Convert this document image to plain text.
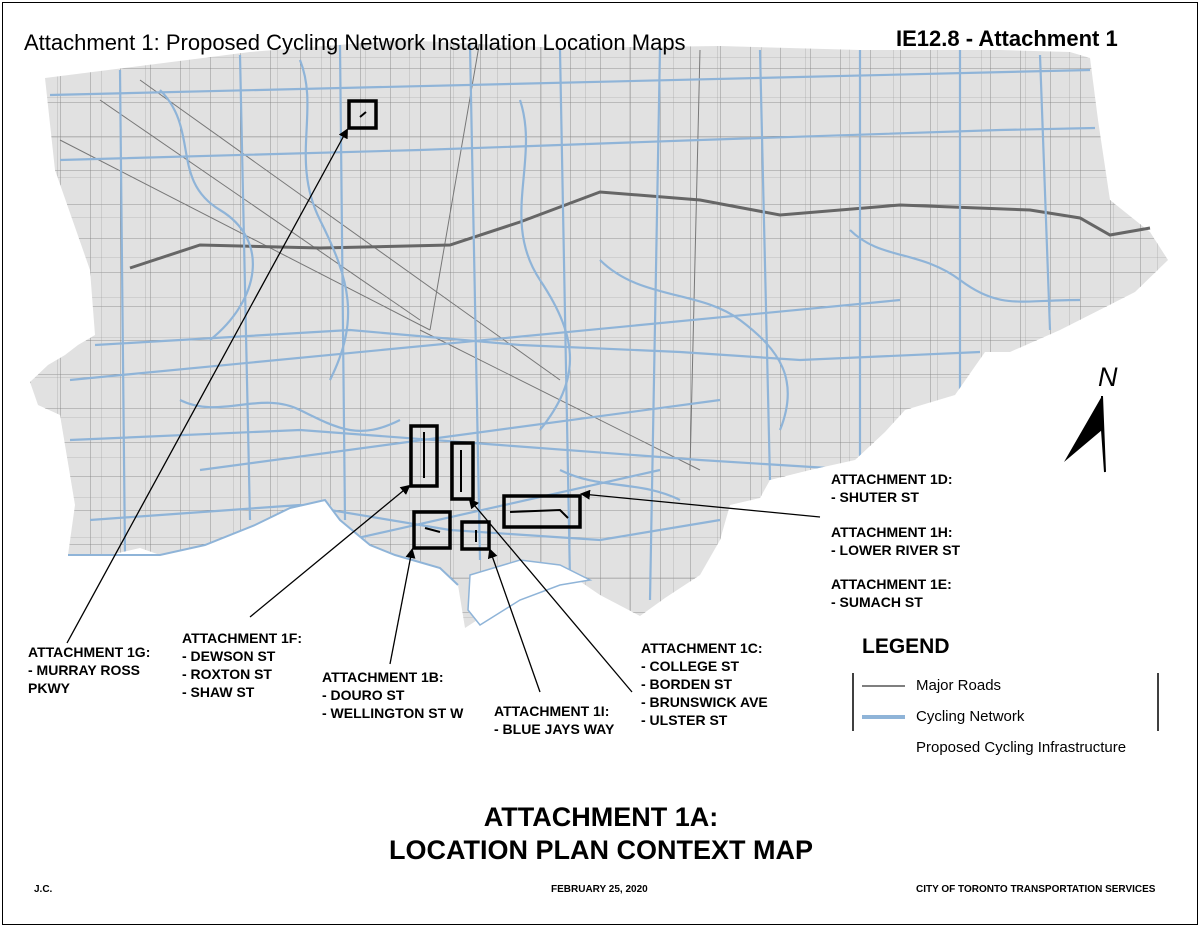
Attachment 1: Proposed Cycling Network Installation Location Maps	IE12.8 - Attachment 1
N
ATTACHMENT 1D:
- SHUTER ST
ATTACHMENT 1H:
- LOWER RIVER ST
ATTACHMENT 1E:
- SUMACH ST
ATTACHMENT 1G:
- MURRAY ROSS
PKWY
ATTACHMENT 1F:
- DEWSON ST
- ROXTON ST
- SHAW ST
ATTACHMENT 1B:
- DOURO ST
- WELLINGTON ST W ATTACHMENT 1I:
- BLUE JAYS WAY
ATTACHMENT 1C:
- COLLEGE ST
- BORDEN ST
- BRUNSWICK AVE
- ULSTER ST
LEGEND
Major Roads
Cycling Network
Proposed Cycling Infrastructure
ATTACHMENT 1A:
LOCATION PLAN CONTEXT MAP
J.C.	FEBRUARY 25, 2020	CITY OF TORONTO TRANSPORTATION SERVICES
